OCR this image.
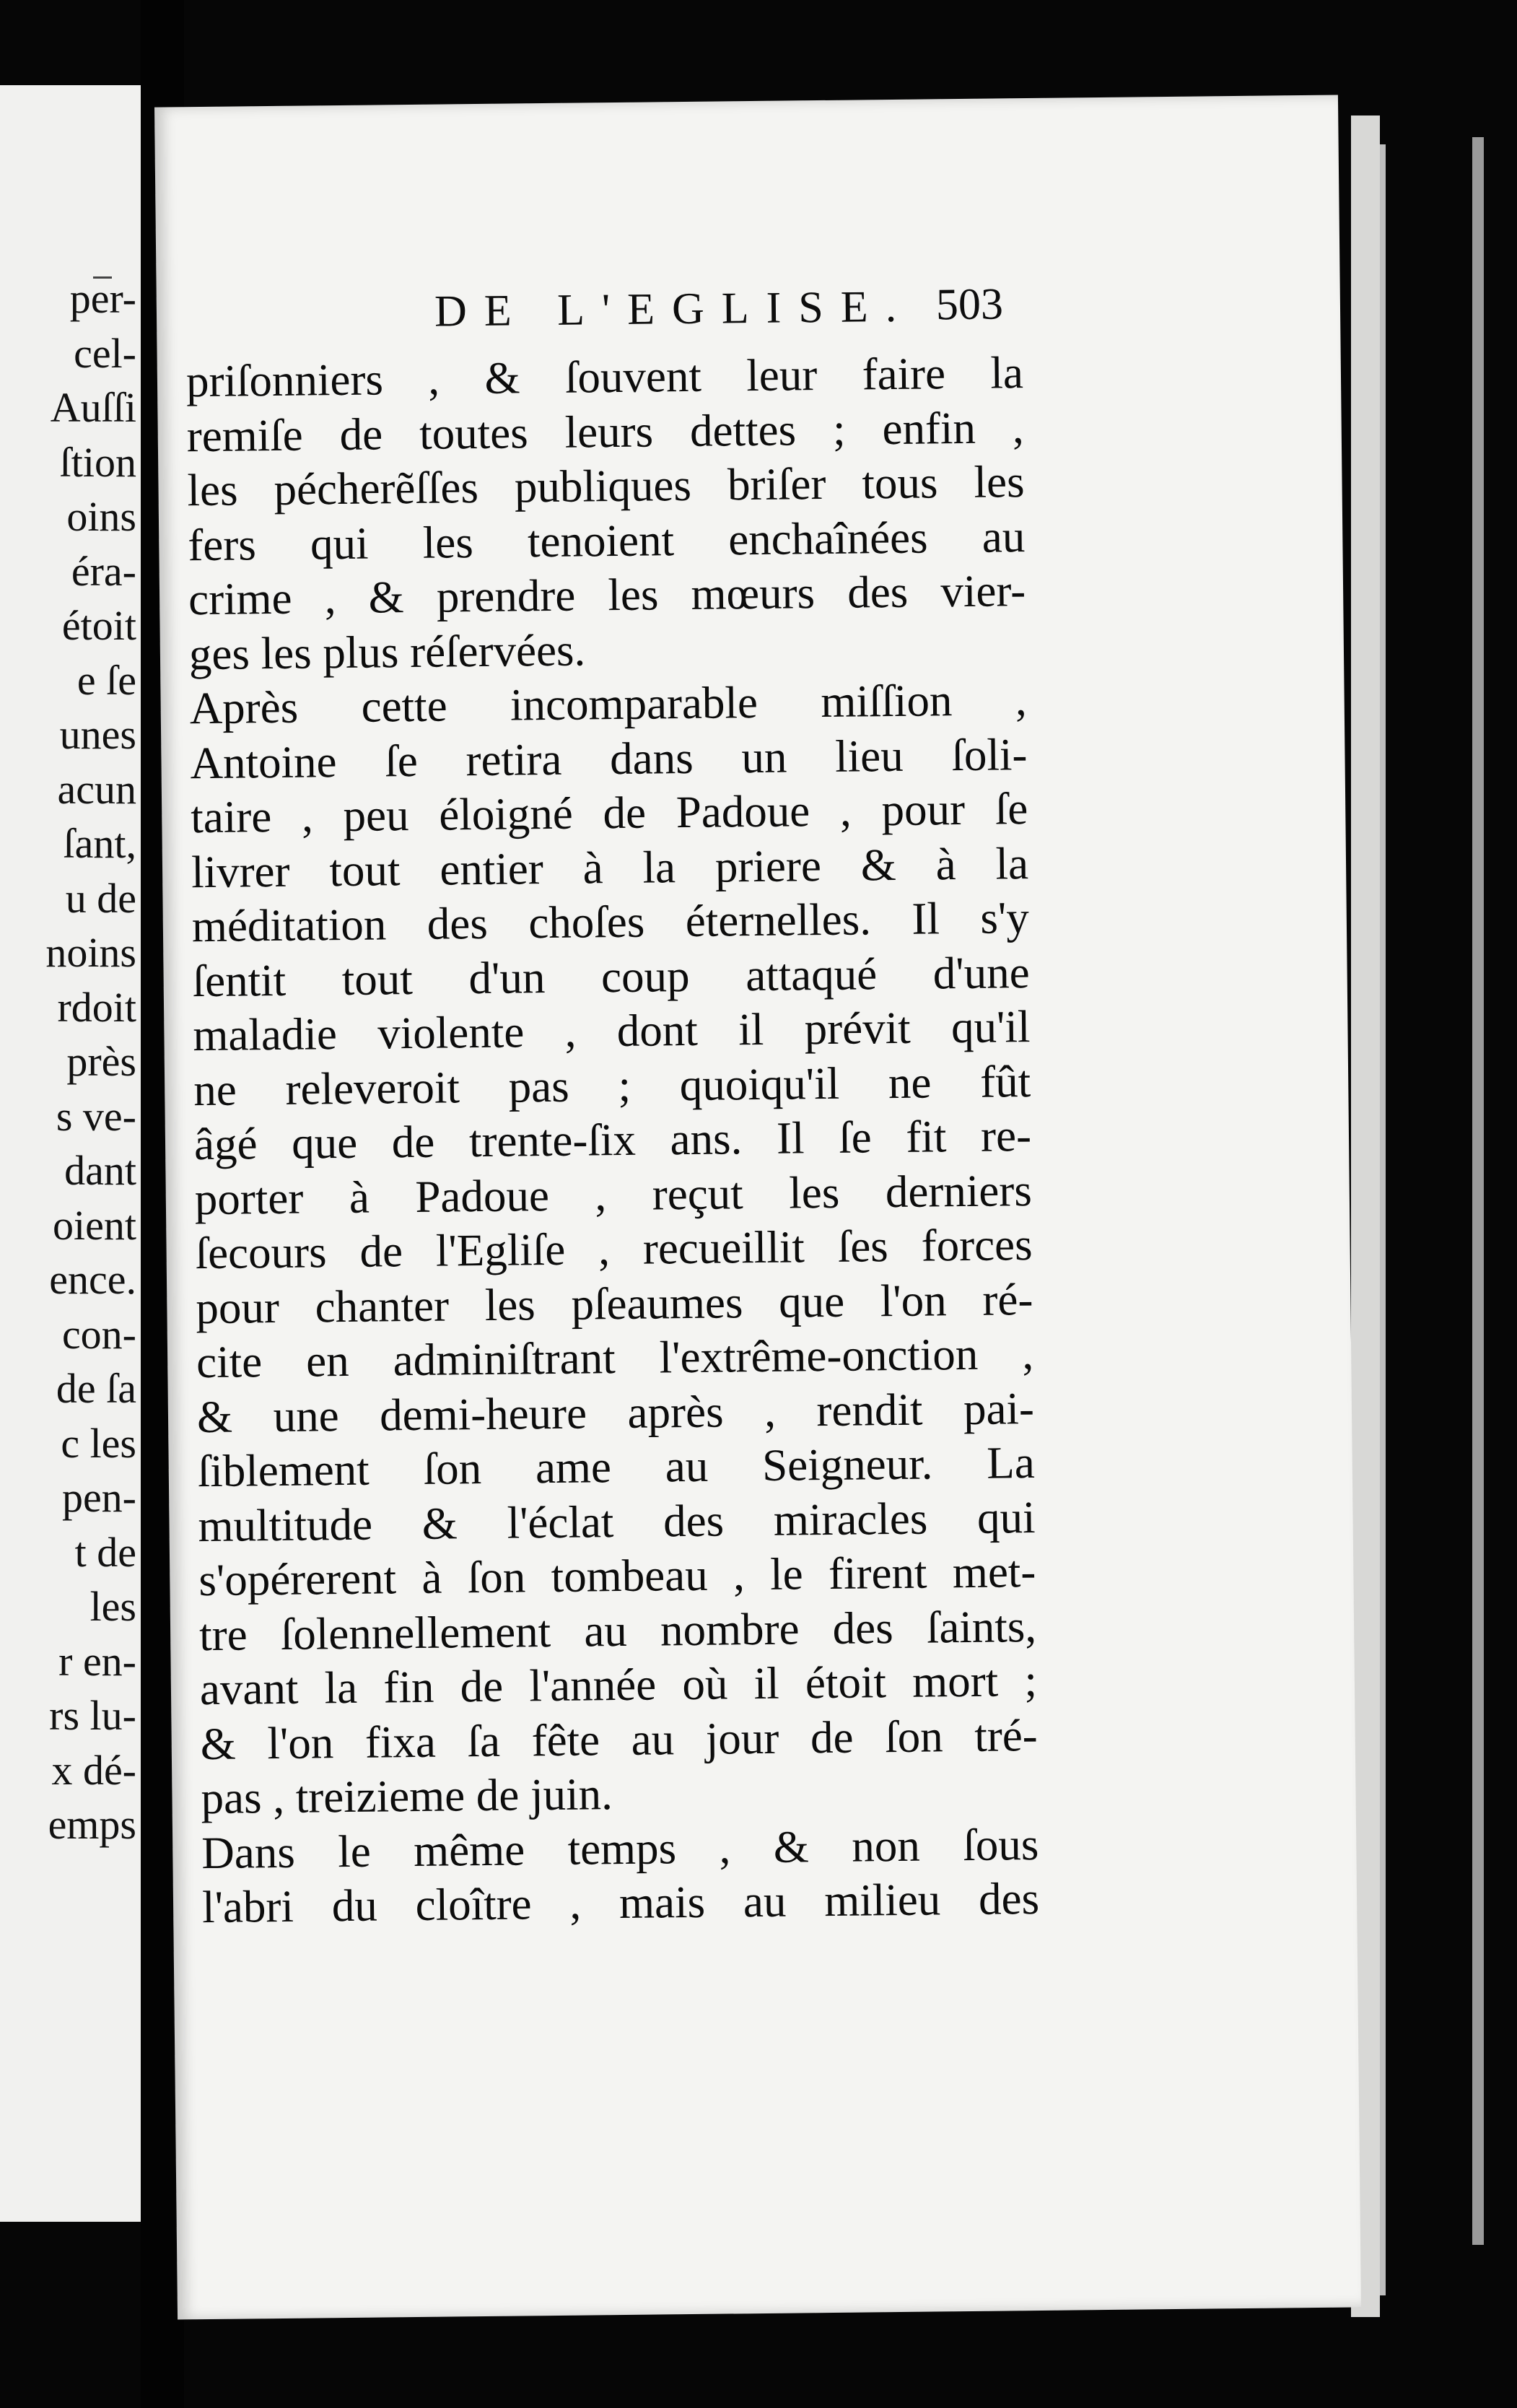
per-
cel-
Auſſi
ſtion
oins
éra-
étoit
e ſe
unes
acun
ſant,
u de
noins
rdoit
près
s ve-
dant
oient
ence.
con-
de ſa
c les
pen-
t de
les
r en-
rs lu-
x dé-
emps
DE L'EGLISE. 503
priſonniers , & ſouvent leur faire la
remiſe de toutes leurs dettes ; enfin ,
les pécherẽſſes publiques briſer tous les
fers qui les tenoient enchaînées au
crime , & prendre les mœurs des vier-
ges les plus réſervées.
Après cette incomparable miſſion ,
Antoine ſe retira dans un lieu ſoli-
taire , peu éloigné de Padoue , pour ſe
livrer tout entier à la priere & à la
méditation des choſes éternelles. Il s'y
ſentit tout d'un coup attaqué d'une
maladie violente , dont il prévit qu'il
ne releveroit pas ; quoiqu'il ne fût
âgé que de trente-ſix ans. Il ſe fit re-
porter à Padoue , reçut les derniers
ſecours de l'Egliſe , recueillit ſes forces
pour chanter les pſeaumes que l'on ré-
cite en adminiſtrant l'extrême-onction ,
& une demi-heure après , rendit pai-
ſiblement ſon ame au Seigneur. La
multitude & l'éclat des miracles qui
s'opérerent à ſon tombeau , le firent met-
tre ſolennellement au nombre des ſaints,
avant la fin de l'année où il étoit mort ;
& l'on fixa ſa fête au jour de ſon tré-
pas , treizieme de juin.
Dans le même temps , & non ſous
l'abri du cloître , mais au milieu des
